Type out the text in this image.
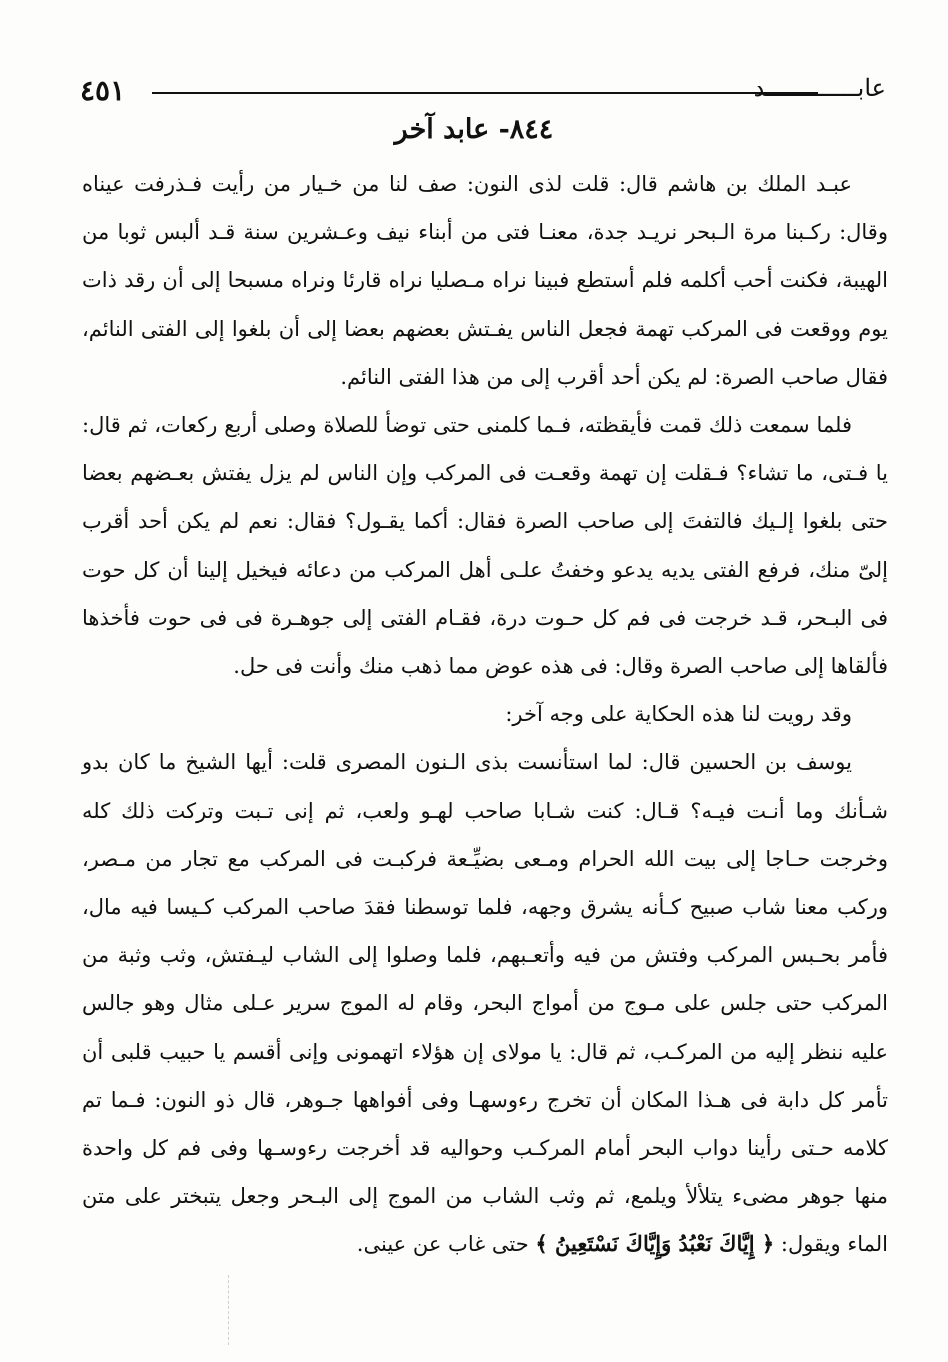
٤٥١	عابـــــــــــــد
٨٤٤- عابد آخر

عبـد الملك بن هاشم قال: قلت لذى النون: صف لنا من خـيار من رأيت فـذرفت عيناه وقال: ركـبنا مرة الـبحر نريـد جدة، معنـا فتى من أبناء نيف وعـشرين سنة قـد ألبس ثوبا من الهيبة، فكنت أحب أكلمه فلم أستطع فبينا نراه مـصليا نراه قارئا ونراه مسبحا إلى أن رقد ذات يوم ووقعت فى المركب تهمة فجعل الناس يفـتش بعضهم بعضا إلى أن بلغوا إلى الفتى النائم، فقال صاحب الصرة: لم يكن أحد أقرب إلى من هذا الفتى النائم.

فلما سمعت ذلك قمت فأيقظته، فـما كلمنى حتى توضأ للصلاة وصلى أربع ركعات، ثم قال: يا فـتى، ما تشاء؟ فـقلت إن تهمة وقعـت فى المركب وإن الناس لم يزل يفتش بعـضهم بعضا حتى بلغوا إلـيك فالتفتَ إلى صاحب الصرة فقال: أكما يقـول؟ فقال: نعم لم يكن أحد أقرب إلىّ منك، فرفع الفتى يديه يدعو وخفتُ علـى أهل المركب من دعائه فيخيل إلينا أن كل حوت فى البـحر، قـد خرجت فى فم كل حـوت درة، فقـام الفتى إلى جوهـرة فى فى حوت فأخذها فألقاها إلى صاحب الصرة وقال: فى هذه عوض مما ذهب منك وأنت فى حل.

وقد رويت لنا هذه الحكاية على وجه آخر:

يوسف بن الحسين قال: لما استأنست بذى الـنون المصرى قلت: أيها الشيخ ما كان بدو شـأنك وما أنـت فيـه؟ قـال: كنت شـابا صاحب لهـو ولعب، ثم إنى تـبت وتركت ذلك كله وخرجت حـاجا إلى بيت الله الحرام ومـعى بضيِّـعة فركبـت فى المركب مع تجار من مـصر، وركب معنا شاب صبيح كـأنه يشرق وجهه، فلما توسطنا فقدَ صاحب المركب كـيسا فيه مال، فأمر بحـبس المركب وفتش من فيه وأتعـبهم، فلما وصلوا إلى الشاب ليـفتش، وثب وثبة من المركب حتى جلس على مـوج من أمواج البحر، وقام له الموج سرير عـلى مثال وهو جالس عليه ننظر إليه من المركـب، ثم قال: يا مولاى إن هؤلاء اتهمونى وإنى أقسم يا حبيب قلبى أن تأمر كل دابة فى هـذا المكان أن تخرج رءوسهـا وفى أفواهها جـوهر، قال ذو النون: فـما تم كلامه حـتى رأينا دواب البحر أمام المركـب وحواليه قد أخرجت رءوسـها وفى فم كل واحدة منها جوهر مضىء يتلألأ ويلمع، ثم وثب الشاب من الموج إلى البـحر وجعل يتبختر على متن الماء ويقول: ﴿ إِيَّاكَ نَعْبُدُ وَإِيَّاكَ نَسْتَعِينُ ﴾ حتى غاب عن عينى.
